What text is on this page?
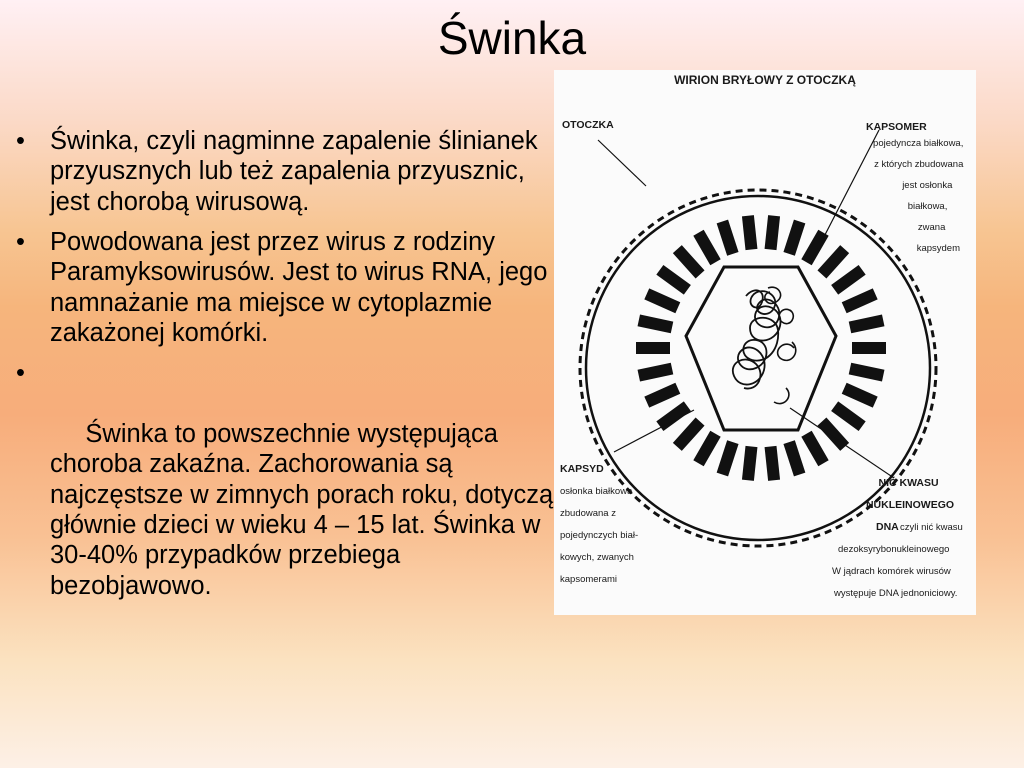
Świnka
• Świnka, czyli nagminne zapalenie ślinianek przyusznych lub też zapalenia przyusznic, jest chorobą wirusową.
• Powodowana jest przez wirus z rodziny Paramyksowirusów. Jest to wirus RNA, jego namnażanie ma miejsce w cytoplazmie zakażonej komórki.

•

Świnka to powszechnie występująca choroba zakaźna. Zachorowania są najczęstsze w zimnych porach roku, dotyczą głównie dzieci w wieku 4 – 15 lat. Świnka w 30-40% przypadków przebiega bezobjawowo.

WIRION BRYŁOWY Z OTOCZKĄ
OTOCZKA	KAPSOMER
pojedyncza białkowa, z których zbudowana jest osłonka białkowa, zwana kapsydem
KAPSYD
osłonka białkowa zbudowana z pojedynczych biał- kowych, zwanych kapsomerami
NIĆ KWASU NUKLEINOWEGO
DNA czyli nić kwasu dezoksyrybonukleinowego W jądrach komórek wirusów występuje DNA jednoniciowy.
